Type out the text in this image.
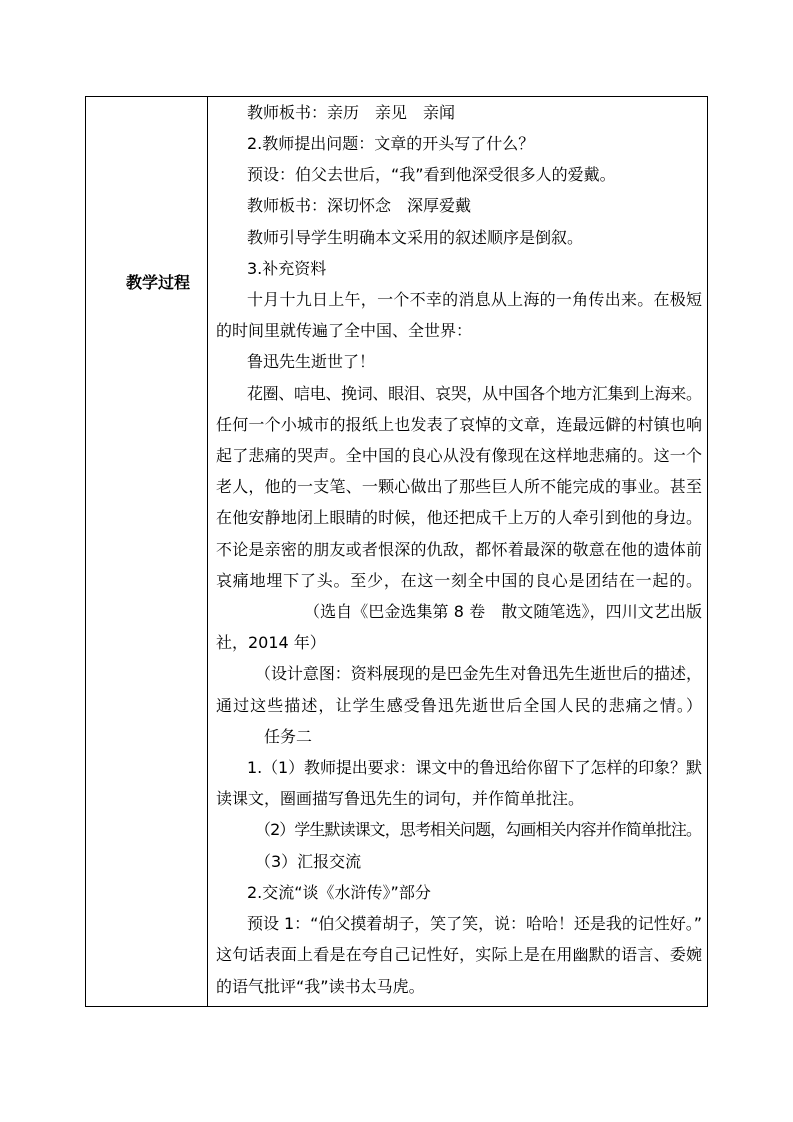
教学过程
教师板书：亲历　亲见　亲闻
2.教师提出问题：文章的开头写了什么？
预设：伯父去世后，“我”看到他深受很多人的爱戴。
教师板书：深切怀念　深厚爱戴
教师引导学生明确本文采用的叙述顺序是倒叙。
3.补充资料
十月十九日上午，一个不幸的消息从上海的一角传出来。在极短
的时间里就传遍了全中国、全世界：
鲁迅先生逝世了！
花圈、唁电、挽词、眼泪、哀哭，从中国各个地方汇集到上海来。
任何一个小城市的报纸上也发表了哀悼的文章，连最远僻的村镇也响
起了悲痛的哭声。全中国的良心从没有像现在这样地悲痛的。这一个
老人，他的一支笔、一颗心做出了那些巨人所不能完成的事业。甚至
在他安静地闭上眼睛的时候，他还把成千上万的人牵引到他的身边。
不论是亲密的朋友或者恨深的仇敌，都怀着最深的敬意在他的遗体前
哀痛地埋下了头。至少，在这一刻全中国的良心是团结在一起的。
（选自《巴金选集第 8 卷　散文随笔选》，四川文艺出版
社，2014 年）
（设计意图：资料展现的是巴金先生对鲁迅先生逝世后的描述，
通过这些描述，让学生感受鲁迅先逝世后全国人民的悲痛之情。）
任务二
1.（1）教师提出要求：课文中的鲁迅给你留下了怎样的印象？默
读课文，圈画描写鲁迅先生的词句，并作简单批注。
（2）学生默读课文，思考相关问题，勾画相关内容并作简单批注。
（3）汇报交流
2.交流“谈《水浒传》”部分
预设 1：“伯父摸着胡子，笑了笑，说：哈哈！还是我的记性好。”
这句话表面上看是在夸自己记性好，实际上是在用幽默的语言、委婉
的语气批评“我”读书太马虎。
